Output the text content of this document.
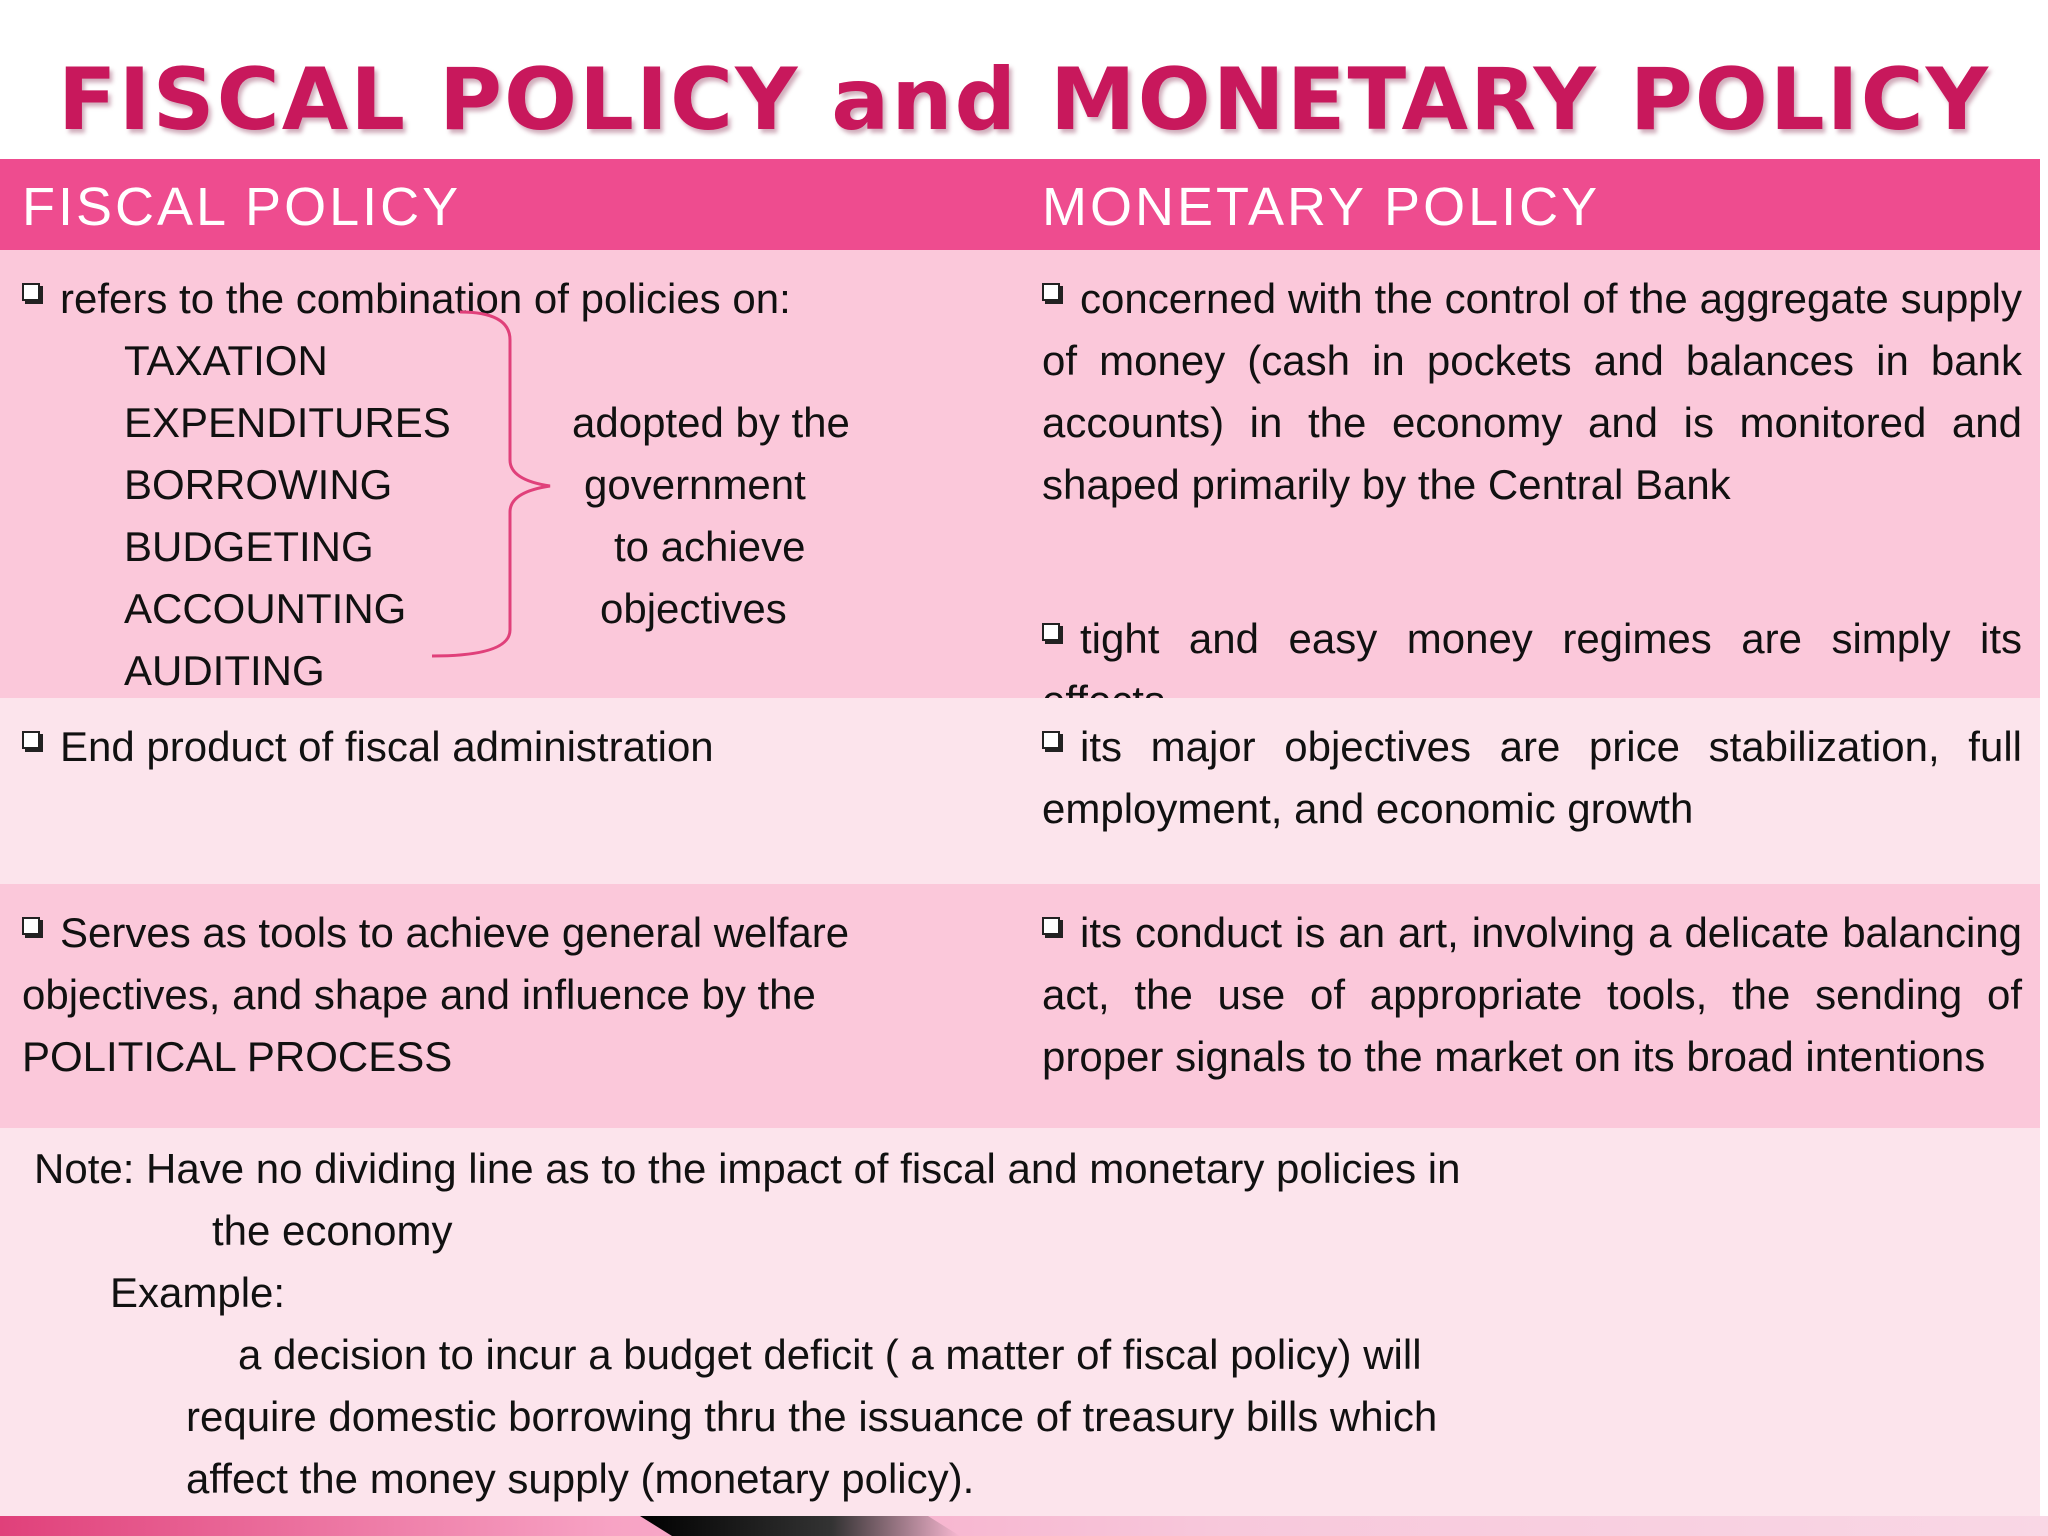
FISCAL POLICY and MONETARY POLICY
FISCAL POLICY	MONETARY POLICY
refers to the combination of policies on:
TAXATION
EXPENDITURES
BORROWING
BUDGETING
ACCOUNTING
AUDITING
adopted by the
government
to achieve
objectives
concerned with the control of the aggregate supply of money (cash in pockets and balances in bank accounts) in the economy and is monitored and shaped primarily by the Central Bank
tight and easy money regimes are simply its
End product of fiscal administration	its major objectives are price stabilization, full employment, and economic growth
Serves as tools to achieve general welfare objectives, and shape and influence by the POLITICAL PROCESS
its conduct is an art, involving a delicate balancing act, the use of appropriate tools, the sending of proper signals to the market on its broad intentions
Note: Have no dividing line as to the impact of fiscal and monetary policies in
the economy
Example:
a decision to incur a budget deficit ( a matter of fiscal policy) will
require domestic borrowing thru the issuance of treasury bills which
affect the money supply (monetary policy).
